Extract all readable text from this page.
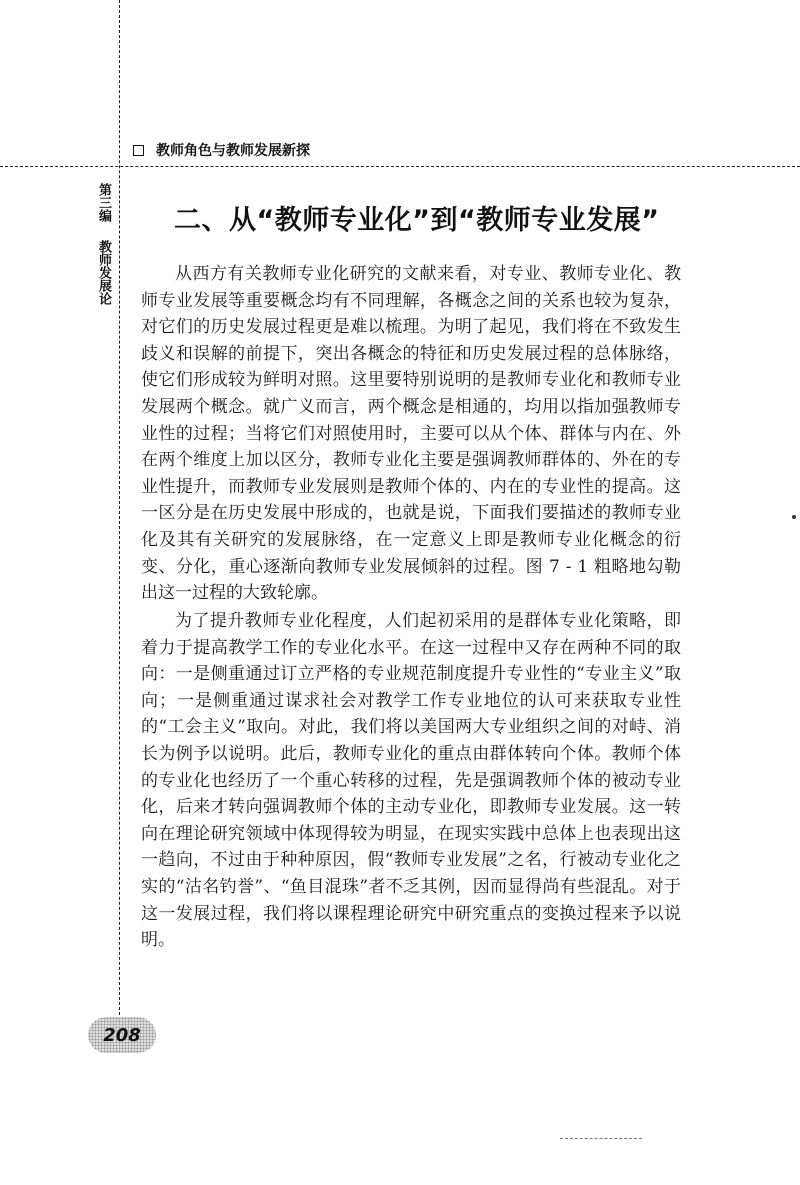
教师角色与教师发展新探
第三编
教师发展论
二、从“教师专业化”到“教师专业发展”

从西方有关教师专业化研究的文献来看，对专业、教师专业化、教师专业发展等重要概念均有不同理解，各概念之间的关系也较为复杂，对它们的历史发展过程更是难以梳理。为明了起见，我们将在不致发生歧义和误解的前提下，突出各概念的特征和历史发展过程的总体脉络，使它们形成较为鲜明对照。这里要特别说明的是教师专业化和教师专业发展两个概念。就广义而言，两个概念是相通的，均用以指加强教师专业性的过程；当将它们对照使用时，主要可以从个体、群体与内在、外在两个维度上加以区分，教师专业化主要是强调教师群体的、外在的专业性提升，而教师专业发展则是教师个体的、内在的专业性的提高。这一区分是在历史发展中形成的，也就是说，下面我们要描述的教师专业化及其有关研究的发展脉络，在一定意义上即是教师专业化概念的衍变、分化，重心逐渐向教师专业发展倾斜的过程。图 7 - 1 粗略地勾勒出这一过程的大致轮廓。

为了提升教师专业化程度，人们起初采用的是群体专业化策略，即着力于提高教学工作的专业化水平。在这一过程中又存在两种不同的取向：一是侧重通过订立严格的专业规范制度提升专业性的“专业主义”取向；一是侧重通过谋求社会对教学工作专业地位的认可来获取专业性的“工会主义”取向。对此，我们将以美国两大专业组织之间的对峙、消长为例予以说明。此后，教师专业化的重点由群体转向个体。教师个体的专业化也经历了一个重心转移的过程，先是强调教师个体的被动专业化，后来才转向强调教师个体的主动专业化，即教师专业发展。这一转向在理论研究领域中体现得较为明显，在现实实践中总体上也表现出这一趋向，不过由于种种原因，假“教师专业发展”之名，行被动专业化之实的“沽名钓誉”、“鱼目混珠”者不乏其例，因而显得尚有些混乱。对于这一发展过程，我们将以课程理论研究中研究重点的变换过程来予以说明。

208
